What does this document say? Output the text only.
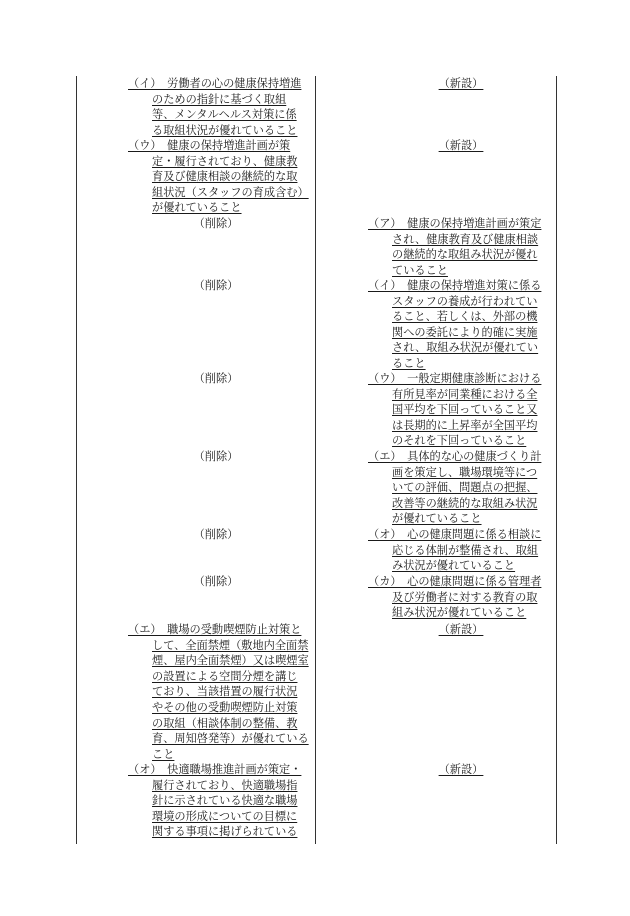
（イ）　労働者の心の健康保持増進
のための指針に基づく取組
等、メンタルヘルス対策に係
る取組状況が優れていること
（ウ）　健康の保持増進計画が策
定・履行されており、健康教
育及び健康相談の継続的な取
組状況（スタッフの育成含む）
が優れていること
（削除）
（削除）
（削除）
（削除）
（削除）
（削除）
（エ）　職場の受動喫煙防止対策と
して、全面禁煙（敷地内全面禁
煙、屋内全面禁煙）又は喫煙室
の設置による空間分煙を講じ
ており、当該措置の履行状況
やその他の受動喫煙防止対策
の取組（相談体制の整備、教
育、周知啓発等）が優れている
こと
（オ）　快適職場推進計画が策定・
履行されており、快適職場指
針に示されている快適な職場
環境の形成についての目標に
関する事項に掲げられている
（新設）
（新設）
（ア）　健康の保持増進計画が策定
され、健康教育及び健康相談
の継続的な取組み状況が優れ
ていること
（イ）　健康の保持増進対策に係る
スタッフの養成が行われてい
ること、若しくは、外部の機
関への委託により的確に実施
され、取組み状況が優れてい
ること
（ウ）　一般定期健康診断における
有所見率が同業種における全
国平均を下回っていること又
は長期的に上昇率が全国平均
のそれを下回っていること
（エ）　具体的な心の健康づくり計
画を策定し、職場環境等につ
いての評価、問題点の把握、
改善等の継続的な取組み状況
が優れていること
（オ）　心の健康問題に係る相談に
応じる体制が整備され、取組
み状況が優れていること
（カ）　心の健康問題に係る管理者
及び労働者に対する教育の取
組み状況が優れていること
（新設）
（新設）
